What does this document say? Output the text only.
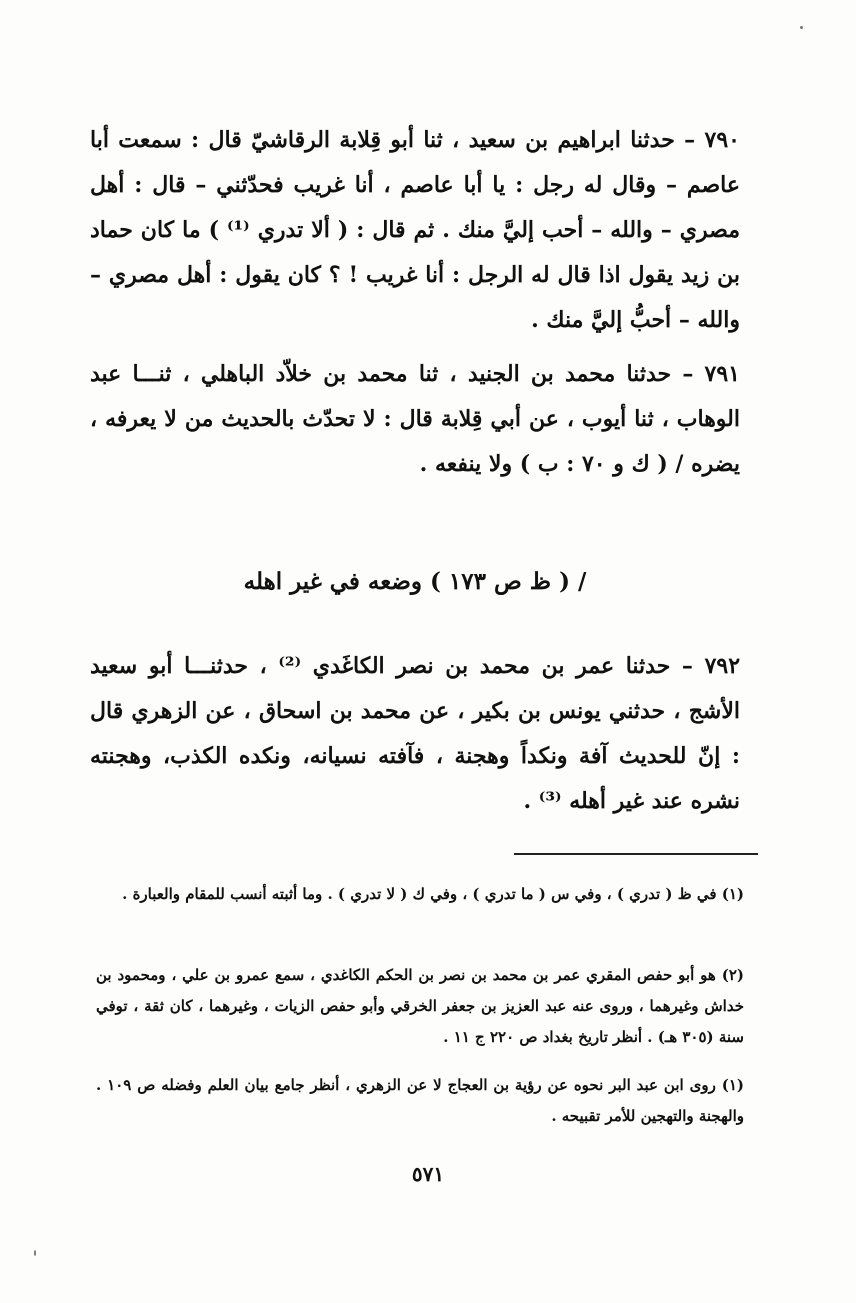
٧٩٠ – حدثنا ابراهيم بن سعيد ، ثنا أبو قِلابة الرقاشيّ قال : سمعت أبا عاصم – وقال له رجل : يا أبا عاصم ، أنا غريب فحدّثني – قال : أهل مصري – والله – أحب إليَّ منك . ثم قال : ( ألا تدري ⁽¹⁾ ) ما كان حماد بن زيد يقول اذا قال له الرجل : أنا غريب ! ؟ كان يقول : أهل مصري – والله – أحبُّ إليَّ منك .
٧٩١ – حدثنا محمد بن الجنيد ، ثنا محمد بن خلاّد الباهلي ، ثنـــا عبد الوهاب ، ثنا أيوب ، عن أبي قِلابة قال : لا تحدّث بالحديث من لا يعرفه ، يضره / ( ك و ٧٠ : ب ) ولا ينفعه .
/ ( ظ ص ١٧٣ ) وضعه في غير اهله
٧٩٢ – حدثنا عمر بن محمد بن نصر الكاغَدي ⁽²⁾ ، حدثنـــا أبو سعيد الأشج ، حدثني يونس بن بكير ، عن محمد بن اسحاق ، عن الزهري قال : إنّ للحديث آفة ونكداً وهجنة ، فآفته نسيانه، ونكده الكذب، وهجنته نشره عند غير أهله ⁽³⁾ .
(١) في ظ ( تدري ) ، وفي س ( ما تدري ) ، وفي ك ( لا تدري ) . وما أثبته أنسب للمقام والعبارة .
(٢) هو أبو حفص المقري عمر بن محمد بن نصر بن الحكم الكاغدي ، سمع عمرو بن علي ، ومحمود بن خداش وغيرهما ، وروى عنه عبد العزيز بن جعفر الخرقي وأبو حفص الزيات ، وغيرهما ، كان ثقة ، توفي سنة (٣٠٥ هـ) . أنظر تاريخ بغداد ص ٢٢٠ ج ١١ .
(١) روى ابن عبد البر نحوه عن رؤية بن العجاج لا عن الزهري ، أنظر جامع بيان العلم وفضله ص ١٠٩ . والهجنة والتهجين للأمر تقبيحه .
٥٧١
